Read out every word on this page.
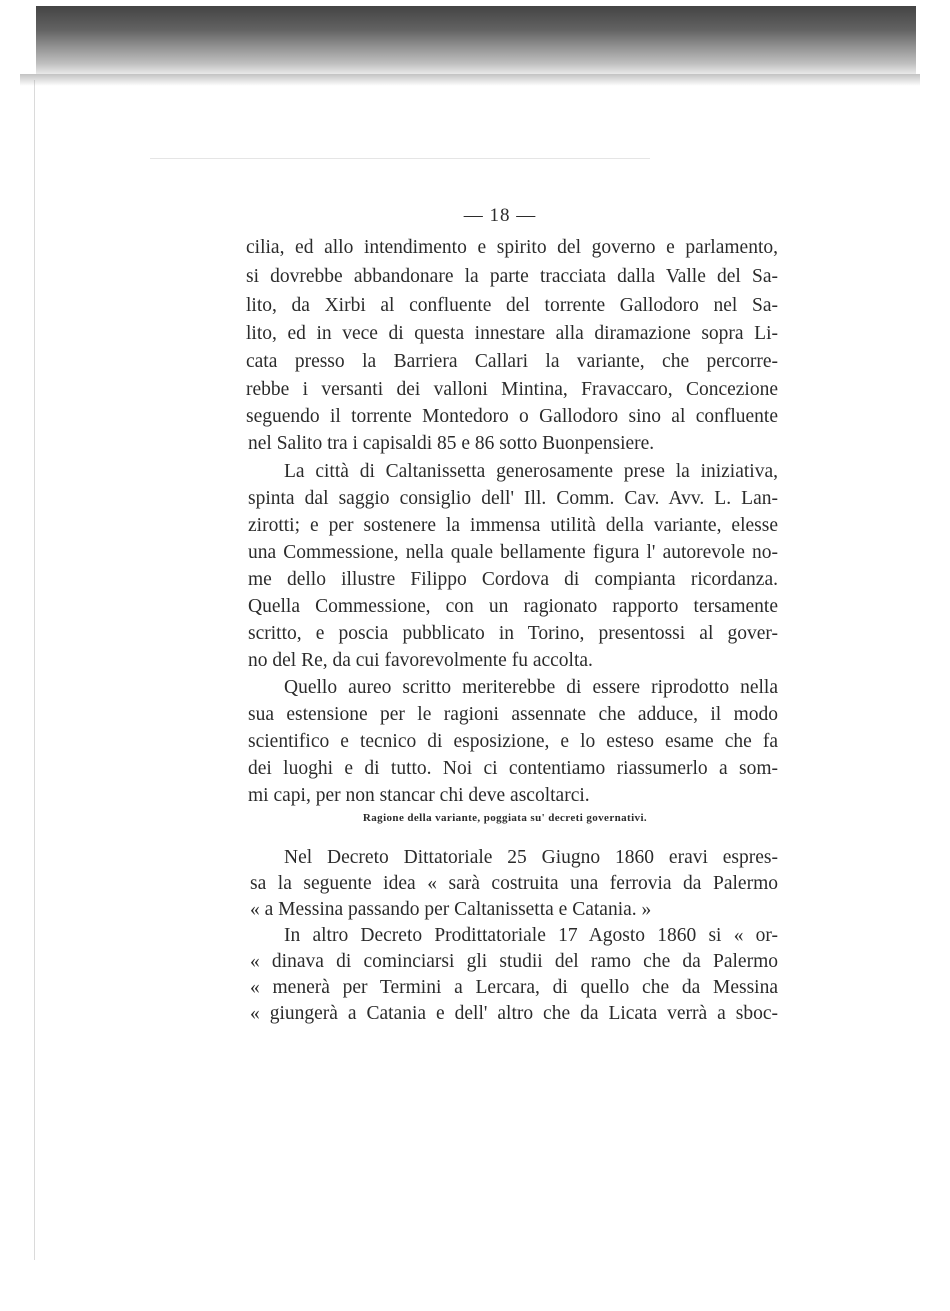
— 18 —
cilia, ed allo intendimento e spirito del governo e parlamento,
si dovrebbe abbandonare la parte tracciata dalla Valle del Sa-
lito, da Xirbi al confluente del torrente Gallodoro nel Sa-
lito, ed in vece di questa innestare alla diramazione sopra Li-
cata presso la Barriera Callari la variante, che percorre-
rebbe i versanti dei valloni Mintina, Fravaccaro, Concezione
seguendo il torrente Montedoro o Gallodoro sino al confluente
nel Salito tra i capisaldi 85 e 86 sotto Buonpensiere.
La città di Caltanissetta generosamente prese la iniziativa,
spinta dal saggio consiglio dell' Ill. Comm. Cav. Avv. L. Lan-
zirotti; e per sostenere la immensa utilità della variante, elesse
una Commessione, nella quale bellamente figura l' autorevole no-
me dello illustre Filippo Cordova di compianta ricordanza.
Quella Commessione, con un ragionato rapporto tersamente
scritto, e poscia pubblicato in Torino, presentossi al gover-
no del Re, da cui favorevolmente fu accolta.
Quello aureo scritto meriterebbe di essere riprodotto nella
sua estensione per le ragioni assennate che adduce, il modo
scientifico e tecnico di esposizione, e lo esteso esame che fa
dei luoghi e di tutto. Noi ci contentiamo riassumerlo a som-
mi capi, per non stancar chi deve ascoltarci.
Ragione della variante, poggiata su' decreti governativi.
Nel Decreto Dittatoriale 25 Giugno 1860 eravi espres-
sa la seguente idea « sarà costruita una ferrovia da Palermo
« a Messina passando per Caltanissetta e Catania. »
In altro Decreto Prodittatoriale 17 Agosto 1860 si « or-
« dinava di cominciarsi gli studii del ramo che da Palermo
« menerà per Termini a Lercara, di quello che da Messina
« giungerà a Catania e dell' altro che da Licata verrà a sboc-
